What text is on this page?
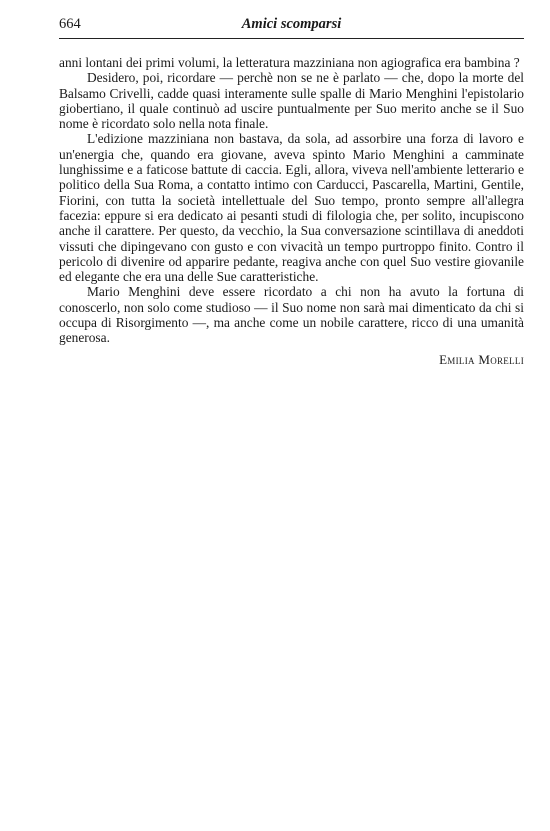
664	Amici scomparsi

anni lontani dei primi volumi, la letteratura mazziniana non agiografica era bambina ?

Desidero, poi, ricordare — perchè non se ne è parlato — che, dopo la morte del Balsamo Crivelli, cadde quasi interamente sulle spalle di Mario Menghini l'epistolario giobertiano, il quale continuò ad uscire puntualmente per Suo merito anche se il Suo nome è ricordato solo nella nota finale.

L'edizione mazziniana non bastava, da sola, ad assorbire una forza di lavoro e un'energia che, quando era giovane, aveva spinto Mario Menghini a camminate lunghissime e a faticose battute di caccia. Egli, allora, viveva nell'ambiente letterario e politico della Sua Roma, a contatto intimo con Carducci, Pascarella, Martini, Gentile, Fiorini, con tutta la società intellettuale del Suo tempo, pronto sempre all'allegra facezia: eppure si era dedicato ai pesanti studi di filologia che, per solito, incupiscono anche il carattere. Per questo, da vecchio, la Sua conversazione scintillava di aneddoti vissuti che dipingevano con gusto e con vivacità un tempo purtroppo finito. Contro il pericolo di divenire od apparire pedante, reagiva anche con quel Suo vestire giovanile ed elegante che era una delle Sue caratteristiche.

Mario Menghini deve essere ricordato a chi non ha avuto la fortuna di conoscerlo, non solo come studioso — il Suo nome non sarà mai dimenticato da chi si occupa di Risorgimento —, ma anche come un nobile carattere, ricco di una umanità generosa.

Emilia Morelli
